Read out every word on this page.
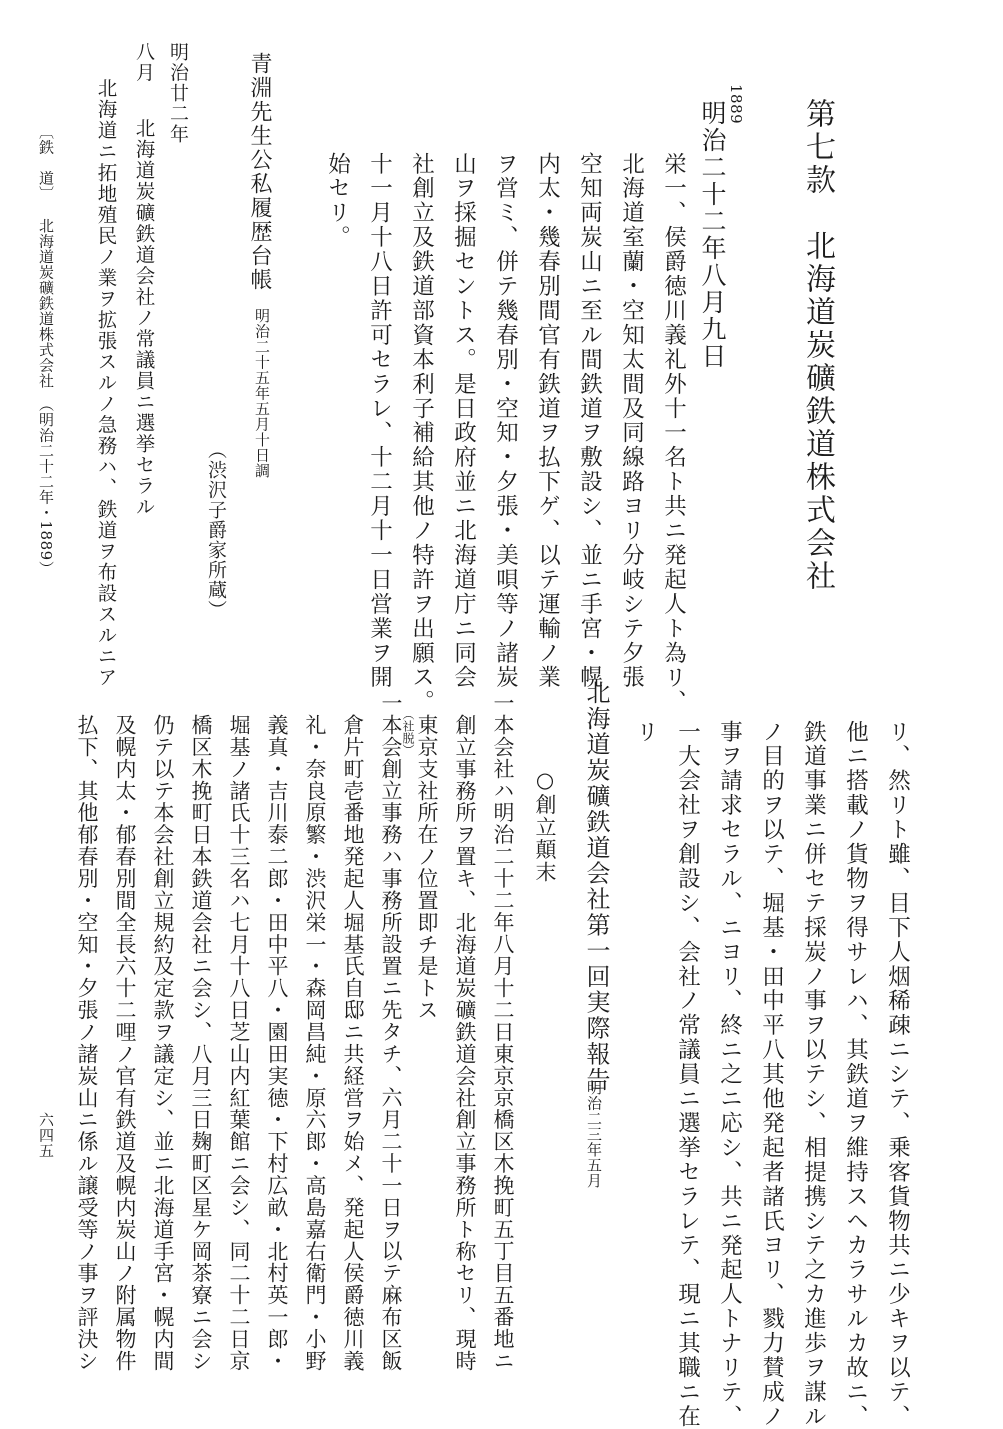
第七款　北海道炭礦鉄道株式会社
1889
明治二十二年八月九日
栄一、侯爵徳川義礼外十一名ト共ニ発起人ト為リ、
北海道室蘭・空知太間及同線路ヨリ分岐シテ夕張
空知両炭山ニ至ル間鉄道ヲ敷設シ、並ニ手宮・幌
内太・幾春別間官有鉄道ヲ払下ゲ、以テ運輸ノ業
ヲ営ミ、併テ幾春別・空知・夕張・美唄等ノ諸炭
山ヲ採掘セントス。是日政府並ニ北海道庁ニ同会
社創立及鉄道部資本利子補給其他ノ特許ヲ出願ス。
十一月十八日許可セラレ、十二月十一日営業ヲ開
始セリ。
青淵先生公私履歴台帳
明治二十五年五月十日調
（渋沢子爵家所蔵）
明治廿二年
八月
北海道炭礦鉄道会社ノ常議員ニ選挙セラル
北海道ニ拓地殖民ノ業ヲ拡張スルノ急務ハ、鉄道ヲ布設スルニア
〔鉄　道〕
北海道炭礦鉄道株式会社　（明治二十二年・1889）
リ、然リト雖、目下人烟稀疎ニシテ、乗客貨物共ニ少キヲ以テ、
他ニ搭載ノ貨物ヲ得サレハ、其鉄道ヲ維持スヘカラサルカ故ニ、
鉄道事業ニ併セテ採炭ノ事ヲ以テシ、相提携シテ之カ進歩ヲ謀ル
ノ目的ヲ以テ、堀基・田中平八其他発起者諸氏ヨリ、戮力賛成ノ
事ヲ請求セラル、ニヨリ、終ニ之ニ応シ、共ニ発起人トナリテ、
一大会社ヲ創設シ、会社ノ常議員ニ選挙セラレテ、現ニ其職ニ在
リ
北海道炭礦鉄道会社第一回実際報告
明治二三年五月
○創立顛末
一本会社ハ明治二十二年八月十二日東京京橋区木挽町五丁目五番地ニ
創立事務所ヲ置キ、北海道炭礦鉄道会社創立事務所ト称セリ、現時
東京支社所在ノ位置即チ是トス
一本会創立事務ハ事務所設置ニ先タチ、六月二十一日ヲ以テ麻布区飯
倉片町壱番地発起人堀基氏自邸ニ共経営ヲ始メ、発起人侯爵徳川義
礼・奈良原繁・渋沢栄一・森岡昌純・原六郎・高島嘉右衛門・小野
義真・吉川泰二郎・田中平八・園田実徳・下村広畝・北村英一郎・
堀基ノ諸氏十三名ハ七月十八日芝山内紅葉館ニ会シ、同二十二日京
橋区木挽町日本鉄道会社ニ会シ、八月三日麹町区星ケ岡茶寮ニ会シ
仍テ以テ本会社創立規約及定款ヲ議定シ、並ニ北海道手宮・幌内間
及幌内太・郁春別間全長六十二哩ノ官有鉄道及幌内炭山ノ附属物件
払下、其他郁春別・空知・夕張ノ諸炭山ニ係ル譲受等ノ事ヲ評決シ	（社脱）
六四五
